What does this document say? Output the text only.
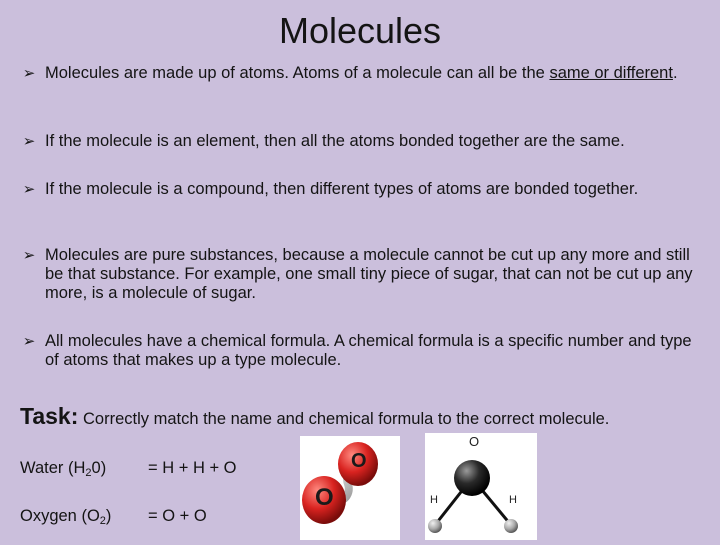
Molecules
➢ Molecules are made up of atoms. Atoms of a molecule can all be the same or different.
➢ If the molecule is an element, then all the atoms bonded together are the same.
➢ If the molecule is a compound, then different types of atoms are bonded together.
➢ Molecules are pure substances, because a molecule cannot be cut up any more and still be that substance. For example, one small tiny piece of sugar, that can not be cut up any more, is a molecule of sugar.
➢ All molecules have a chemical formula. A chemical formula is a specific number and type of atoms that makes up a type molecule.
Task: Correctly match the name and chemical formula to the correct molecule.
Water $(H_20)$	= H + H + O
Oxygen $(O_2) = O + O$
O
O
O
H	H
